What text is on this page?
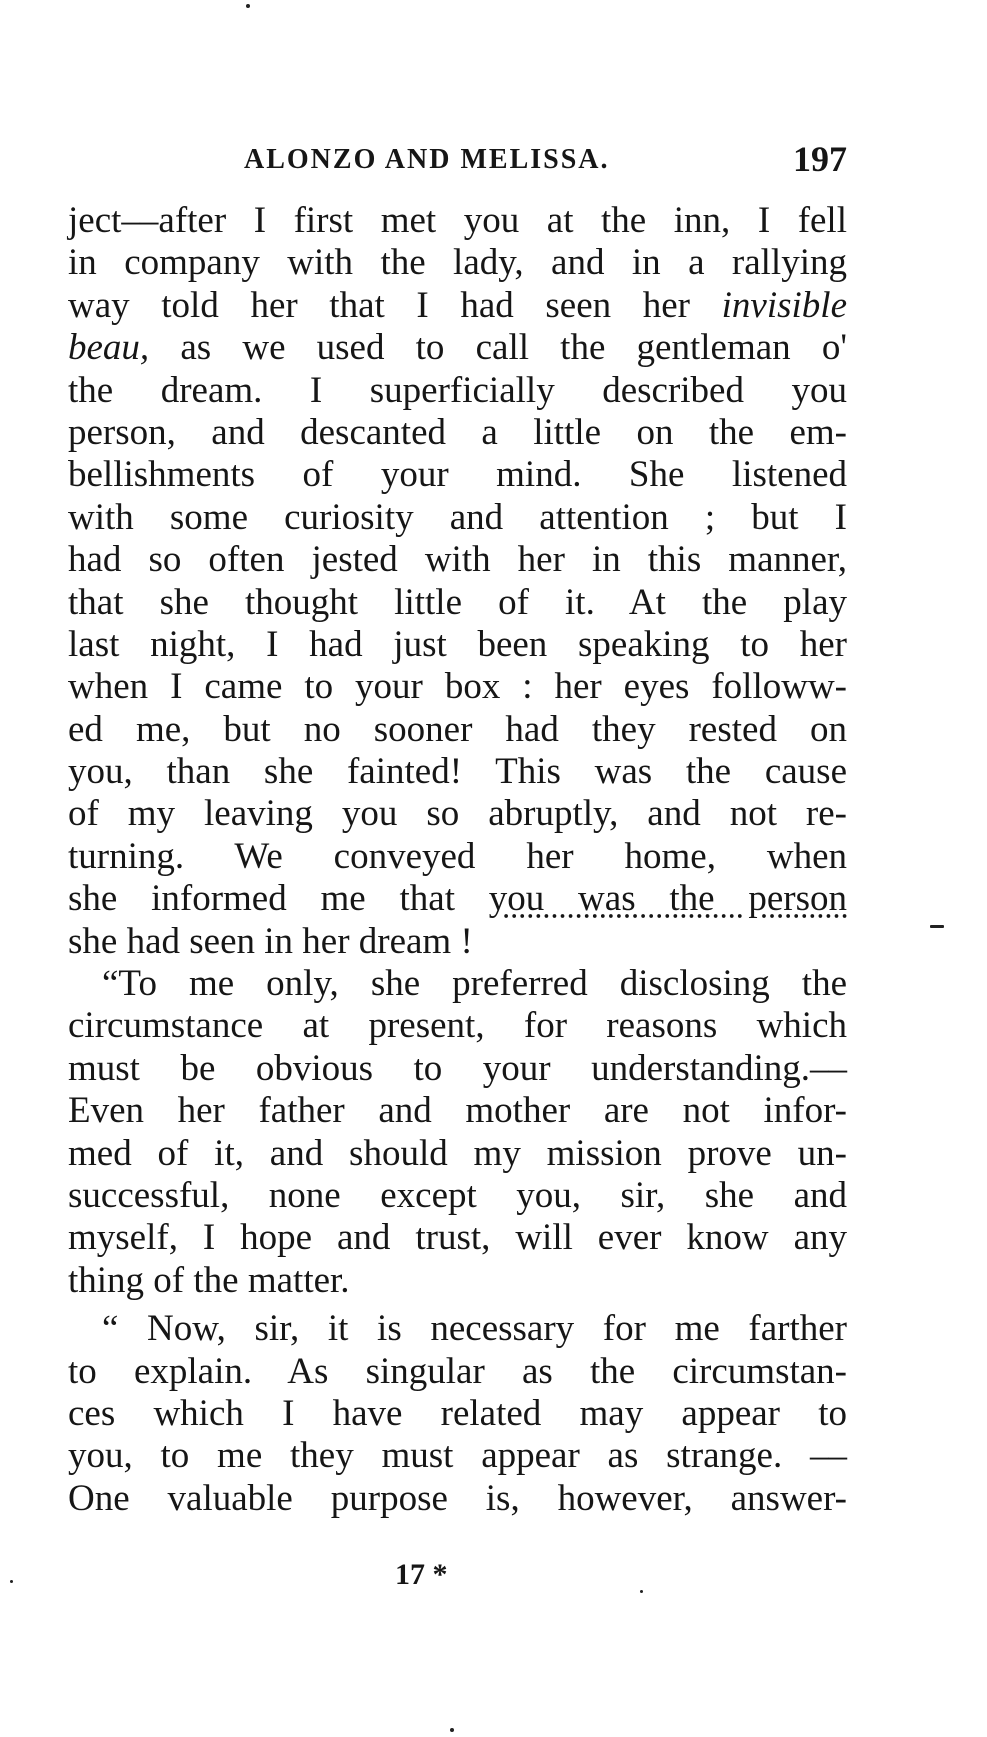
ALONZO AND MELISSA.	197
ject––after I first met you at the inn, I fell
in company with the lady, and in a rallying
way told her that I had seen her invisible
beau, as we used to call the gentleman o'
the dream. I superficially described you
person, and descanted a little on the em-
bellishments of your mind. She listened
with some curiosity and attention ; but I
had so often jested with her in this manner,
that she thought little of it. At the play
last night, I had just been speaking to her
when I came to your box : her eyes followw-
ed me, but no sooner had they rested on
you, than she fainted! This was the cause
of my leaving you so abruptly, and not re-
turning. We conveyed her home, when
she informed me that you was the person
she had seen in her dream !
“To me only, she preferred disclosing the
circumstance at present, for reasons which
must be obvious to your understanding.––
Even her father and mother are not infor-
med of it, and should my mission prove un-
successful, none except you, sir, she and
myself, I hope and trust, will ever know any
thing of the matter.
“ Now, sir, it is necessary for me farther
to explain. As singular as the circumstan-
ces which I have related may appear to
you, to me they must appear as strange. ––
One valuable purpose is, however, answer-
17 *
